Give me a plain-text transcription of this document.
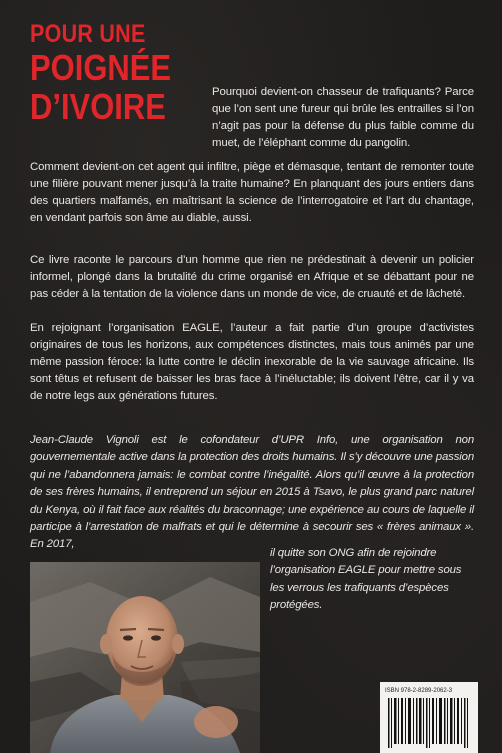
POUR UNE
POIGNÉE
D’IVOIRE	Pourquoi devient-on chasseur de trafiquants? Parce que l’on sent une fureur qui brûle les entrailles si l’on n’agit pas pour la défense du plus faible comme du muet, de l’éléphant comme du pangolin.

Comment devient-on cet agent qui infiltre, piège et démasque, tentant de remonter toute une filière pouvant mener jusqu’à la traite humaine? En planquant des jours entiers dans des quartiers malfamés, en maîtrisant la science de l’interrogatoire et l’art du chantage, en vendant parfois son âme au diable, aussi.

Ce livre raconte le parcours d’un homme que rien ne prédestinait à devenir un policier informel, plongé dans la brutalité du crime organisé en Afrique et se débattant pour ne pas céder à la tentation de la violence dans un monde de vice, de cruauté et de lâcheté.

En rejoignant l’organisation EAGLE, l’auteur a fait partie d’un groupe d’activistes originaires de tous les horizons, aux compétences distinctes, mais tous animés par une même passion féroce: la lutte contre le déclin inexorable de la vie sauvage africaine. Ils sont têtus et refusent de baisser les bras face à l’inéluctable; ils doivent l’être, car il y va de notre legs aux générations futures.

Jean-Claude Vignoli est le cofondateur d’UPR Info, une organisation non gouvernementale active dans la protection des droits humains. Il s’y découvre une passion qui ne l’abandonnera jamais: le combat contre l’inégalité. Alors qu’il œuvre à la protection de ses frères humains, il entreprend un séjour en 2015 à Tsavo, le plus grand parc naturel du Kenya, où il fait face aux réalités du braconnage; une expérience au cours de laquelle il participe à l’arrestation de malfrats et qui le détermine à secourir ses « frères animaux ». En 2017,

il quitte son ONG afin de rejoindre l’organisation EAGLE pour mettre sous les verrous les trafiquants d’espèces protégées.

ISBN 978-2-8289-2062-3
